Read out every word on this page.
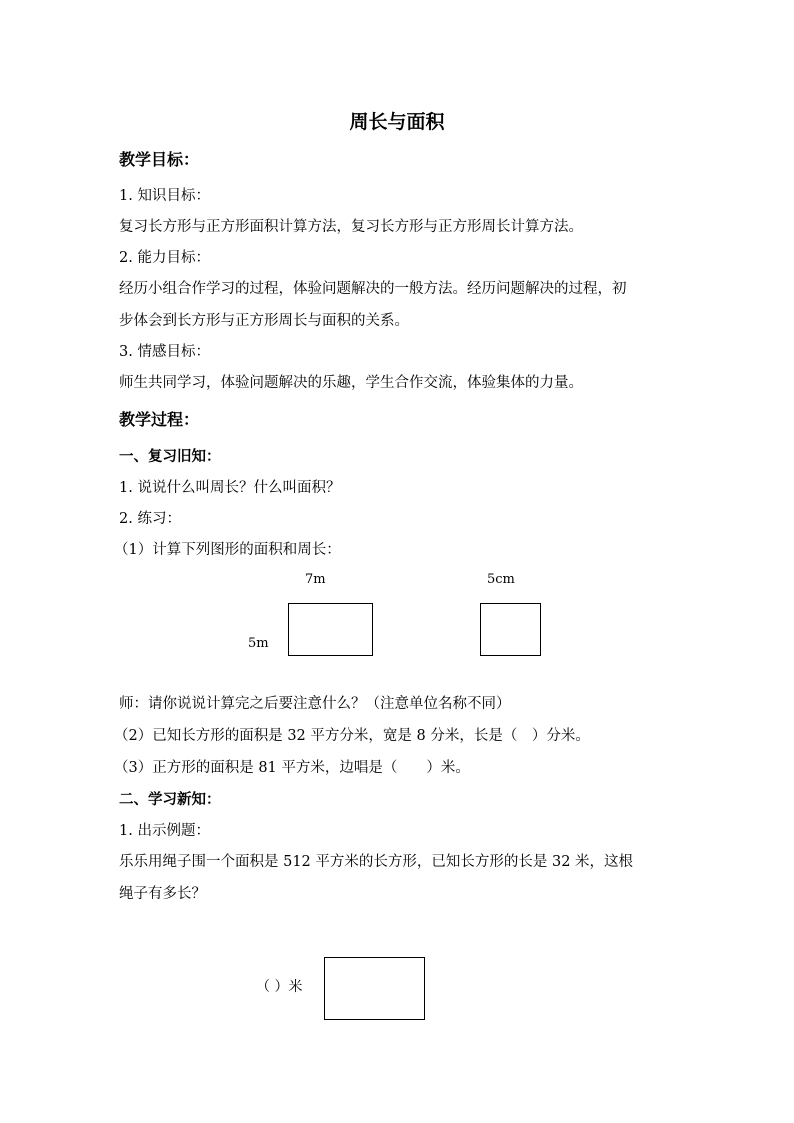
周长与面积
教学目标：
1. 知识目标：
复习长方形与正方形面积计算方法，复习长方形与正方形周长计算方法。
2. 能力目标：
经历小组合作学习的过程，体验问题解决的一般方法。经历问题解决的过程，初
步体会到长方形与正方形周长与面积的关系。
3. 情感目标：
师生共同学习，体验问题解决的乐趣，学生合作交流，体验集体的力量。
教学过程：
一、复习旧知：
1. 说说什么叫周长？什么叫面积？
2. 练习：
（1）计算下列图形的面积和周长：
7m	5cm
5m
师：请你说说计算完之后要注意什么？（注意单位名称不同）
（2）已知长方形的面积是 32 平方分米，宽是 8 分米，长是（　）分米。
（3）正方形的面积是 81 平方米，边唱是（　　）米。
二、学习新知：
1. 出示例题：
乐乐用绳子围一个面积是 512 平方米的长方形，已知长方形的长是 32 米，这根
绳子有多长？
（ ）米
